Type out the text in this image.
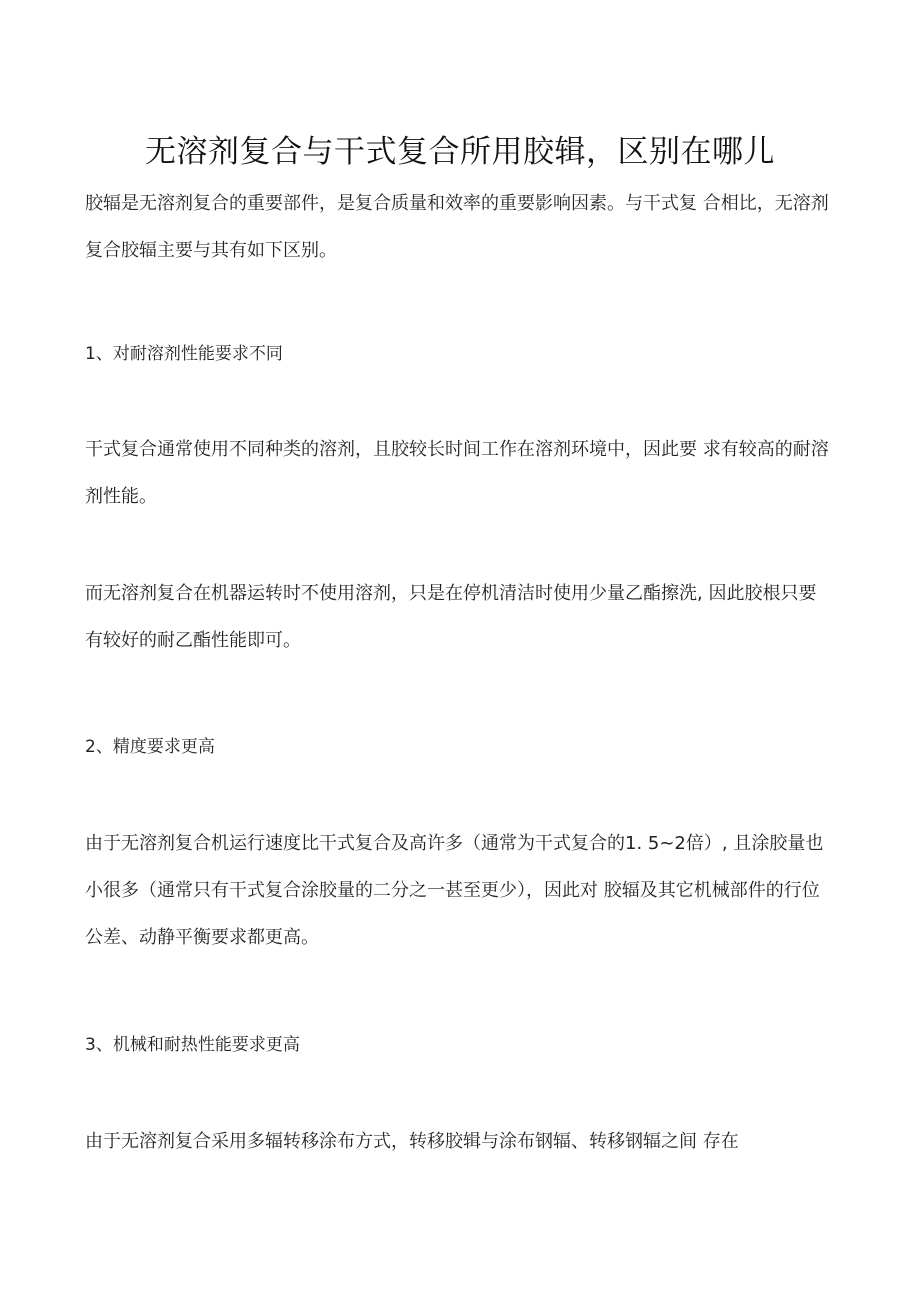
无溶剂复合与干式复合所用胶辑，区别在哪儿

胶辐是无溶剂复合的重要部件，是复合质量和效率的重要影响因素。与干式复 合相比，无溶剂复合胶辐主要与其有如下区别。

1、对耐溶剂性能要求不同

干式复合通常使用不同种类的溶剂，且胶较长时间工作在溶剂环境中，因此要 求有较高的耐溶剂性能。

而无溶剂复合在机器运转时不使用溶剂，只是在停机清洁时使用少量乙酯擦洗, 因此胶根只要有较好的耐乙酯性能即可。

2、精度要求更高

由于无溶剂复合机运行速度比干式复合及高许多（通常为干式复合的1. 5~2倍）, 且涂胶量也小很多（通常只有干式复合涂胶量的二分之一甚至更少），因此对 胶辐及其它机械部件的行位公差、动静平衡要求都更高。

3、机械和耐热性能要求更高

由于无溶剂复合采用多辐转移涂布方式，转移胶辑与涂布钢辐、转移钢辐之间 存在
